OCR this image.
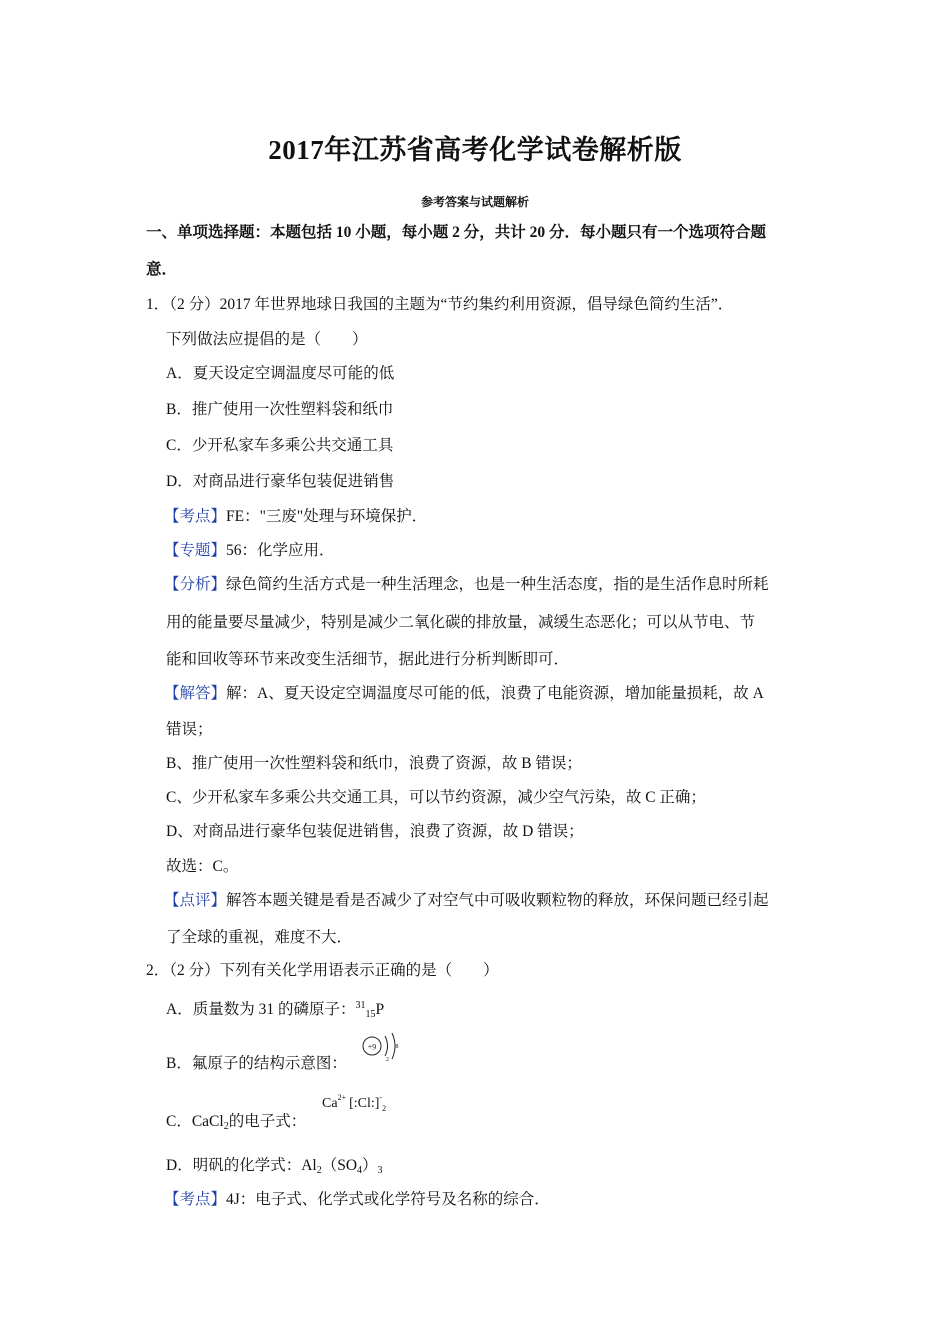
2017年江苏省高考化学试卷解析版
参考答案与试题解析
一、单项选择题：本题包括 10 小题，每小题 2 分，共计 20 分．每小题只有一个选项符合题
意．
1．（2 分）2017 年世界地球日我国的主题为“节约集约利用资源，倡导绿色简约生活”．
下列做法应提倡的是（　　）
A．夏天设定空调温度尽可能的低
B．推广使用一次性塑料袋和纸巾
C．少开私家车多乘公共交通工具
D．对商品进行豪华包装促进销售
【考点】FE："三废"处理与环境保护．
【专题】56：化学应用．
【分析】绿色简约生活方式是一种生活理念，也是一种生活态度，指的是生活作息时所耗
用的能量要尽量减少，特别是减少二氧化碳的排放量，减缓生态恶化；可以从节电、节
能和回收等环节来改变生活细节，据此进行分析判断即可．
【解答】解：A、夏天设定空调温度尽可能的低，浪费了电能资源，增加能量损耗，故 A
错误；
B、推广使用一次性塑料袋和纸巾，浪费了资源，故 B 错误；
C、少开私家车多乘公共交通工具，可以节约资源，减少空气污染，故 C 正确；
D、对商品进行豪华包装促进销售，浪费了资源，故 D 错误；
故选：C。
【点评】解答本题关键是看是否减少了对空气中可吸收颗粒物的释放，环保问题已经引起
了全球的重视，难度不大．
2．（2 分）下列有关化学用语表示正确的是（　　）
A．质量数为 31 的磷原子：$^{31}_{15}$P
B．氟原子的结构示意图：
+9
2
8
C．CaCl$_2$的电子式：
$Ca^{2+}$ $[:Cl:]^-_2$
D．明矾的化学式：$Al_2(SO_4)_3$
【考点】4J：电子式、化学式或化学符号及名称的综合．
